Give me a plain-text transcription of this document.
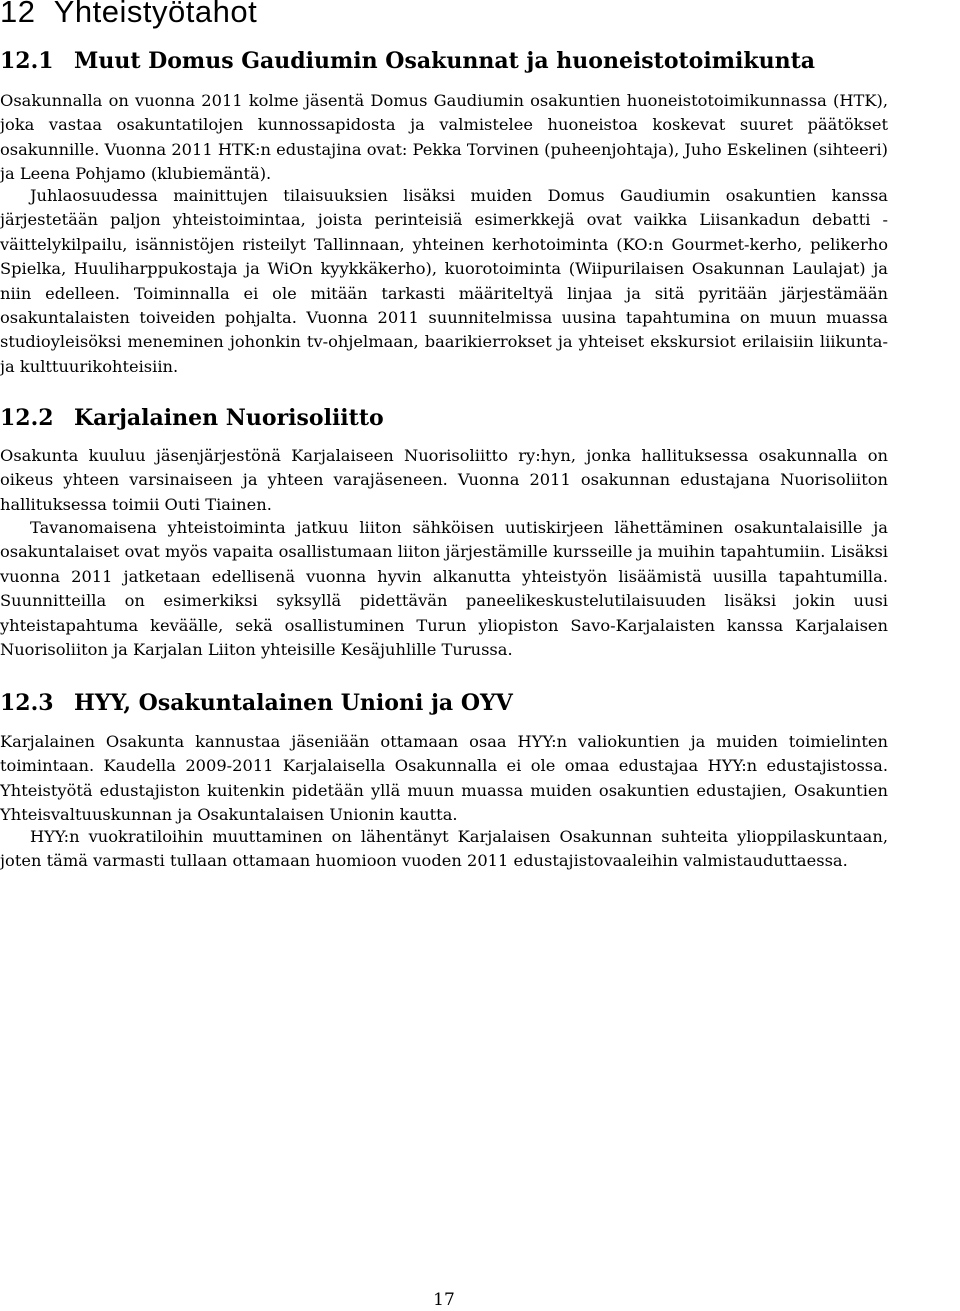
12 Yhteistyötahot
12.1 Muut Domus Gaudiumin Osakunnat ja huoneistotoimikunta

Osakunnalla on vuonna 2011 kolme jäsentä Domus Gaudiumin osakuntien huoneistotoimikunnassa (HTK), joka vastaa osakuntatilojen kunnossapidosta ja valmistelee huoneistoa koskevat suuret päätökset osakunnille. Vuonna 2011 HTK:n edustajina ovat: Pekka Torvinen (puheenjohtaja), Juho Eskelinen (sihteeri) ja Leena Pohjamo (klubiemäntä).

Juhlaosuudessa mainittujen tilaisuuksien lisäksi muiden Domus Gaudiumin osakuntien kanssa järjestetään paljon yhteistoimintaa, joista perinteisiä esimerkkejä ovat vaikka Liisankadun debatti -väittelykilpailu, isännistöjen risteilyt Tallinnaan, yhteinen kerhotoiminta (KO:n Gourmet-kerho, pelikerho Spielka, Huuliharppukostaja ja WiOn kyykkäkerho), kuorotoiminta (Wiipurilaisen Osakunnan Laulajat) ja niin edelleen. Toiminnalla ei ole mitään tarkasti määriteltyä linjaa ja sitä pyritään järjestämään osakuntalaisten toiveiden pohjalta. Vuonna 2011 suunnitelmissa uusina tapahtumina on muun muassa studioyleisöksi meneminen johonkin tv-ohjelmaan, baarikierrokset ja yhteiset ekskursiot erilaisiin liikunta- ja kulttuurikohteisiin.

12.2 Karjalainen Nuorisoliitto

Osakunta kuuluu jäsenjärjestönä Karjalaiseen Nuorisoliitto ry:hyn, jonka hallituksessa osakunnalla on oikeus yhteen varsinaiseen ja yhteen varajäseneen. Vuonna 2011 osakunnan edustajana Nuorisoliiton hallituksessa toimii Outi Tiainen.

Tavanomaisena yhteistoiminta jatkuu liiton sähköisen uutiskirjeen lähettäminen osakuntalaisille ja osakuntalaiset ovat myös vapaita osallistumaan liiton järjestämille kursseille ja muihin tapahtumiin. Lisäksi vuonna 2011 jatketaan edellisenä vuonna hyvin alkanutta yhteistyön lisäämistä uusilla tapahtumilla. Suunnitteilla on esimerkiksi syksyllä pidettävän paneelikeskustelutilaisuuden lisäksi jokin uusi yhteistapahtuma keväälle, sekä osallistuminen Turun yliopiston Savo-Karjalaisten kanssa Karjalaisen Nuorisoliiton ja Karjalan Liiton yhteisille Kesäjuhlille Turussa.

12.3 HYY, Osakuntalainen Unioni ja OYV

Karjalainen Osakunta kannustaa jäseniään ottamaan osaa HYY:n valiokuntien ja muiden toimielinten toimintaan. Kaudella 2009-2011 Karjalaisella Osakunnalla ei ole omaa edustajaa HYY:n edustajistossa. Yhteistyötä edustajiston kuitenkin pidetään yllä muun muassa muiden osakuntien edustajien, Osakuntien Yhteisvaltuuskunnan ja Osakuntalaisen Unionin kautta.

HYY:n vuokratiloihin muuttaminen on lähentänyt Karjalaisen Osakunnan suhteita ylioppilaskuntaan, joten tämä varmasti tullaan ottamaan huomioon vuoden 2011 edustajistovaaleihin valmistauduttaessa.

17
